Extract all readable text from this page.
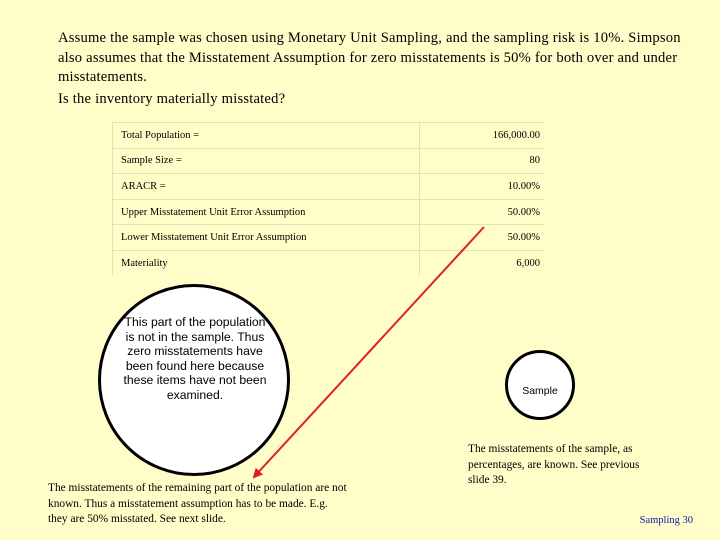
Assume the sample was chosen using Monetary Unit Sampling, and the sampling risk is 10%. Simpson also assumes that the Misstatement Assumption for zero misstatements is 50% for both over and under misstatements.

Is the inventory materially misstated?

Total Population =	166,000.00
Sample Size =	80
ARACR =	10.00%
Upper Misstatement Unit Error Assumption	50.00%
Lower Misstatement Unit Error Assumption	50.00%
Materiality	6,000
This part of the population is not in the sample. Thus zero misstatements have been found here because these items have not been examined.	Sample

The misstatements of the remaining part of the population are not known. Thus a misstatement assumption has to be made. E.g. they are 50% misstated. See next slide.

The misstatements of the sample, as percentages, are known. See previous slide 39.

Sampling 30
